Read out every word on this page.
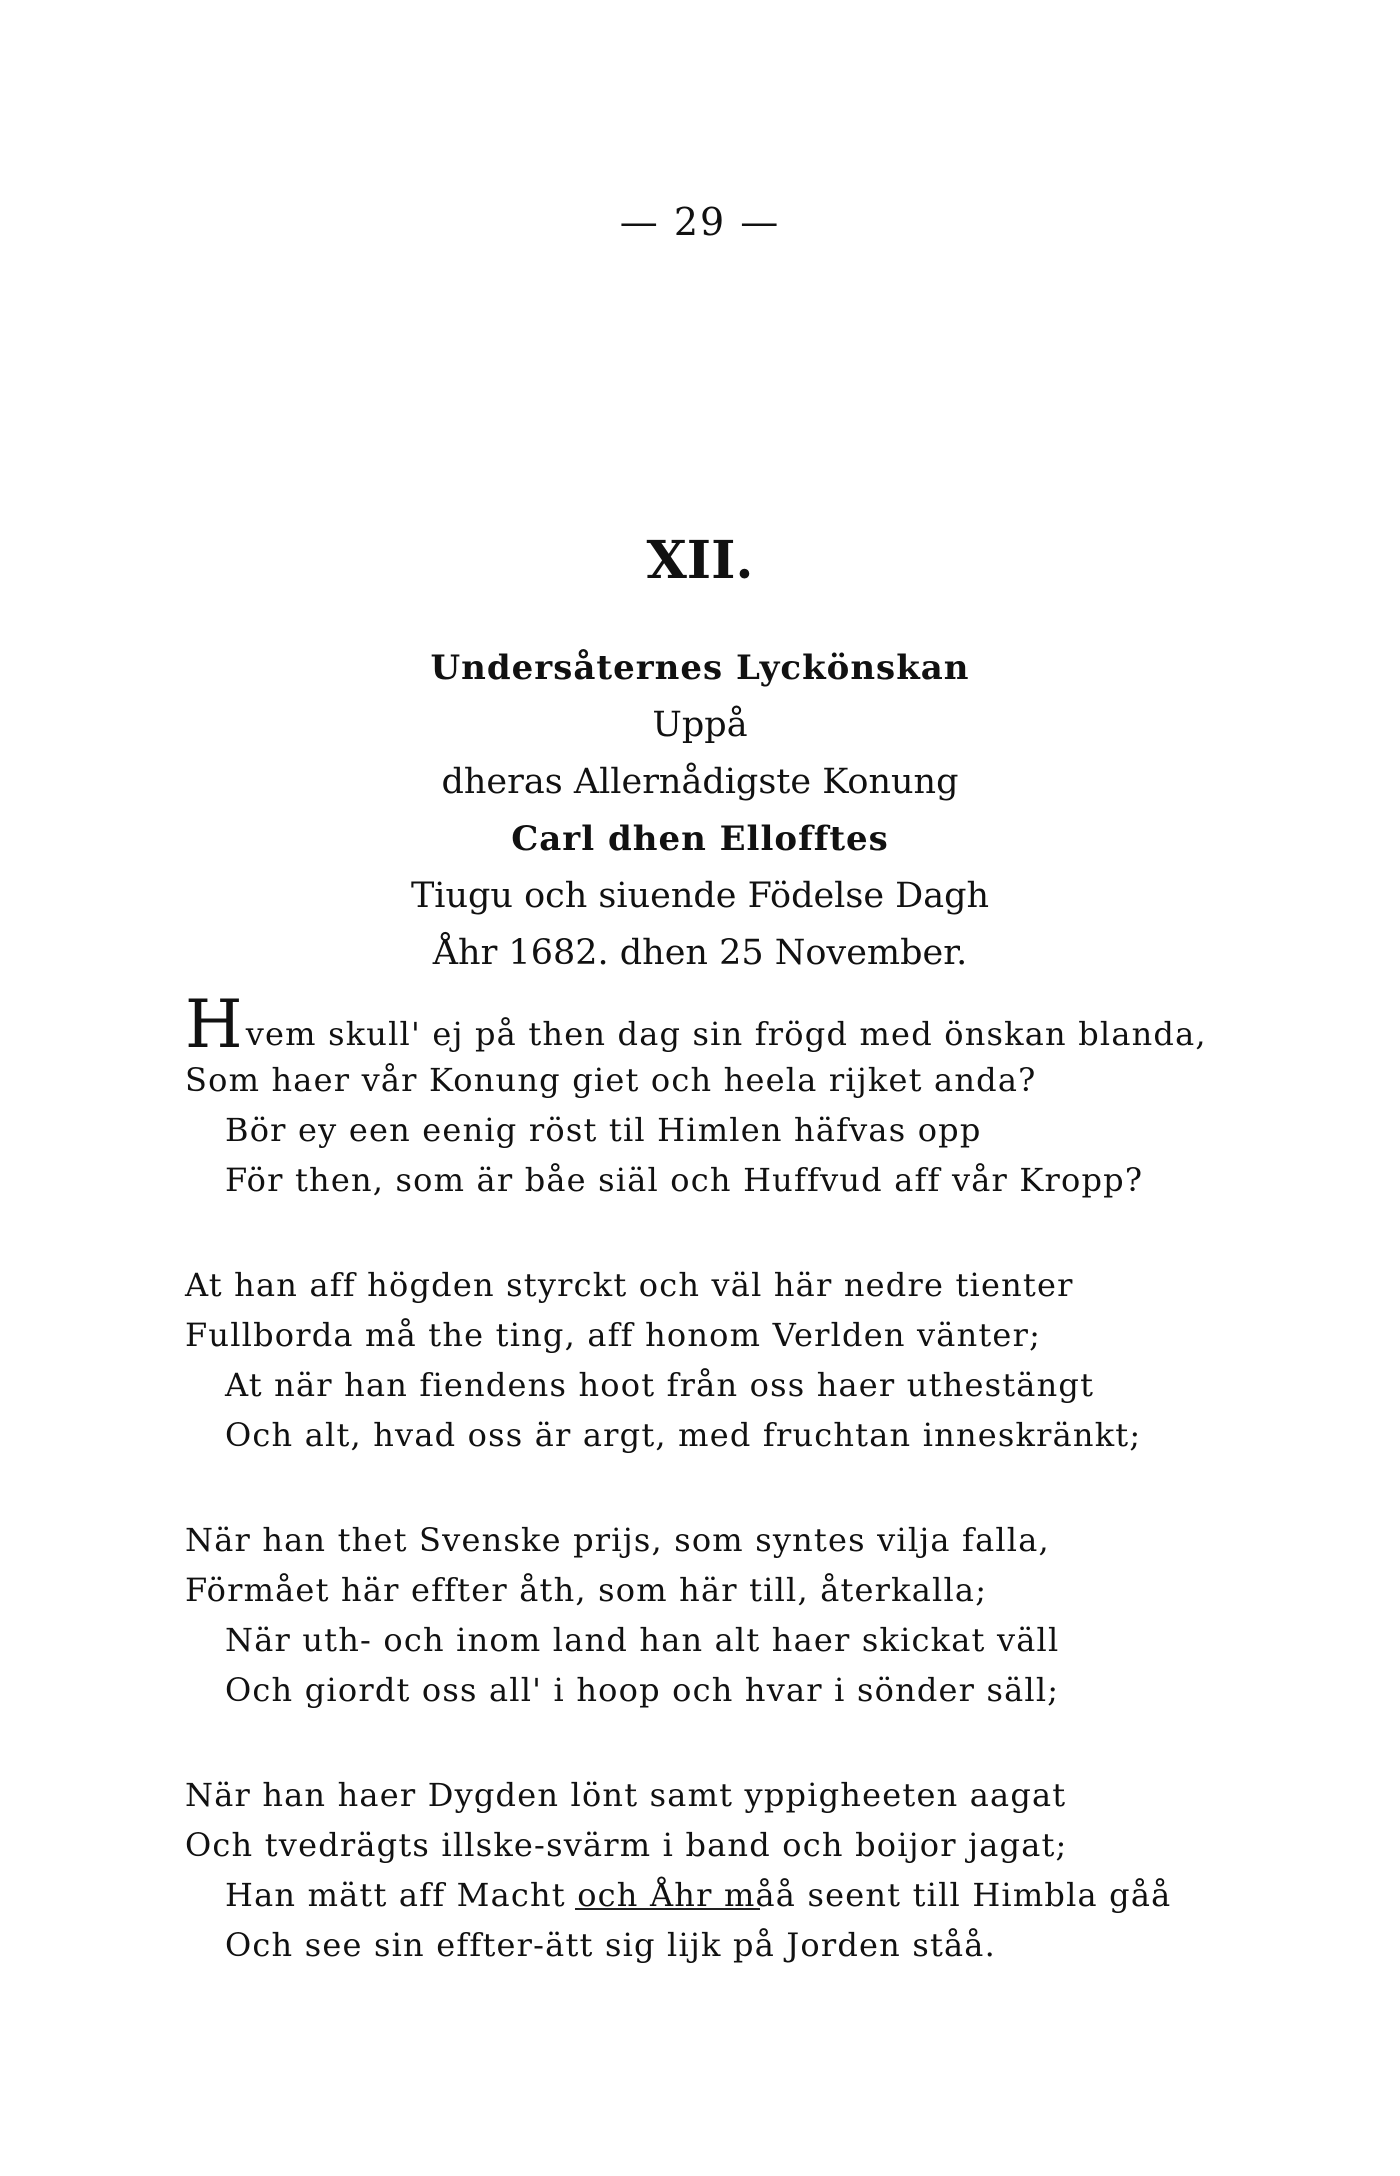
— 29 —
XII.
Undersåternes Lyckönskan
Uppå
dheras Allernådigste Konung
Carl dhen Ellofftes
Tiugu och siuende Födelse Dagh
Åhr 1682. dhen 25 November.
Hvem skull' ej på then dag sin frögd med önskan blanda,
Som haer vår Konung giet och heela rijket anda?
Bör ey een eenig röst til Himlen häfvas opp
För then, som är båe siäl och Huffvud aff vår Kropp?
At han aff högden styrckt och väl här nedre tienter
Fullborda må the ting, aff honom Verlden vänter;
At när han fiendens hoot från oss haer uthestängt
Och alt, hvad oss är argt, med fruchtan inneskränkt;
När han thet Svenske prijs, som syntes vilja falla,
Förmået här effter åth, som här till, återkalla;
När uth- och inom land han alt haer skickat väll
Och giordt oss all' i hoop och hvar i sönder säll;
När han haer Dygden lönt samt yppigheeten aagat
Och tvedrägts illske-svärm i band och boijor jagat;
Han mätt aff Macht och Åhr måå seent till Himbla gåå
Och see sin effter-ätt sig lijk på Jorden ståå.
